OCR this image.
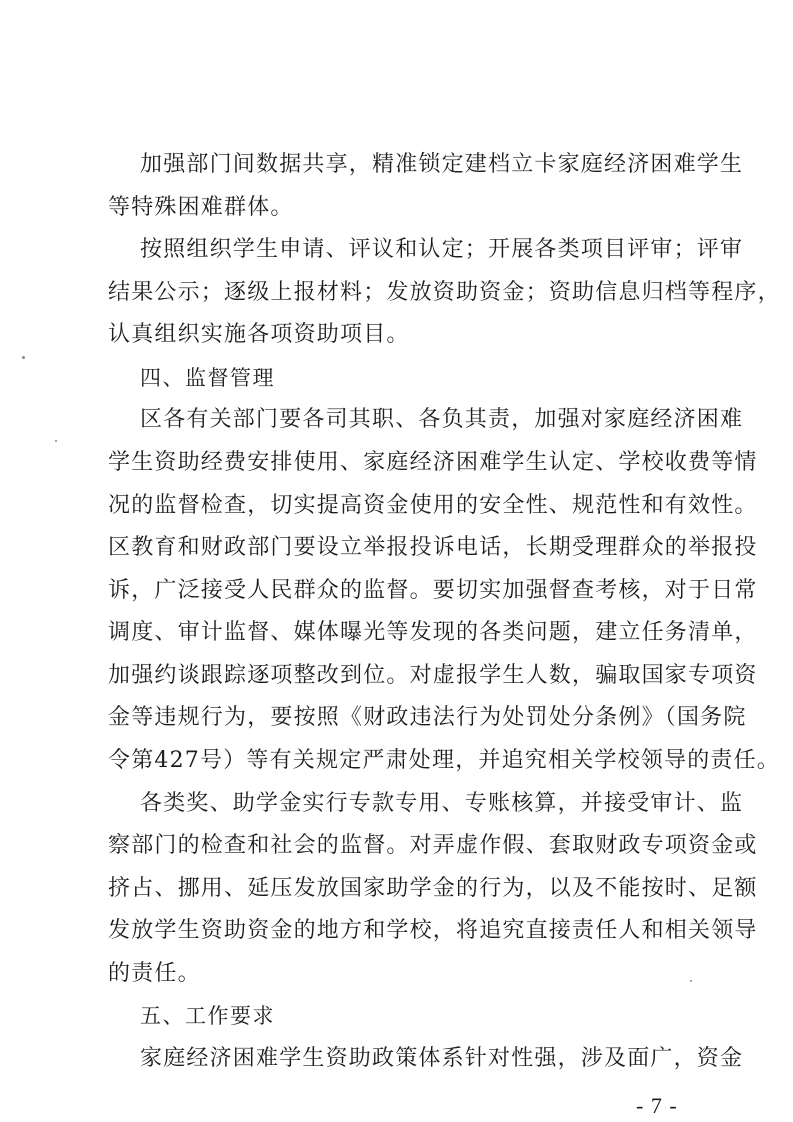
加强部门间数据共享，精准锁定建档立卡家庭经济困难学生
等特殊困难群体。
按照组织学生申请、评议和认定；开展各类项目评审；评审
结果公示；逐级上报材料；发放资助资金；资助信息归档等程序，
认真组织实施各项资助项目。
四、监督管理
区各有关部门要各司其职、各负其责，加强对家庭经济困难
学生资助经费安排使用、家庭经济困难学生认定、学校收费等情
况的监督检查，切实提高资金使用的安全性、规范性和有效性。
区教育和财政部门要设立举报投诉电话，长期受理群众的举报投
诉，广泛接受人民群众的监督。要切实加强督查考核，对于日常
调度、审计监督、媒体曝光等发现的各类问题，建立任务清单，
加强约谈跟踪逐项整改到位。对虚报学生人数，骗取国家专项资
金等违规行为，要按照《财政违法行为处罚处分条例》（国务院
令第427号）等有关规定严肃处理，并追究相关学校领导的责任。
各类奖、助学金实行专款专用、专账核算，并接受审计、监
察部门的检查和社会的监督。对弄虚作假、套取财政专项资金或
挤占、挪用、延压发放国家助学金的行为，以及不能按时、足额
发放学生资助资金的地方和学校，将追究直接责任人和相关领导
的责任。
五、工作要求
家庭经济困难学生资助政策体系针对性强，涉及面广，资金
- 7 -
